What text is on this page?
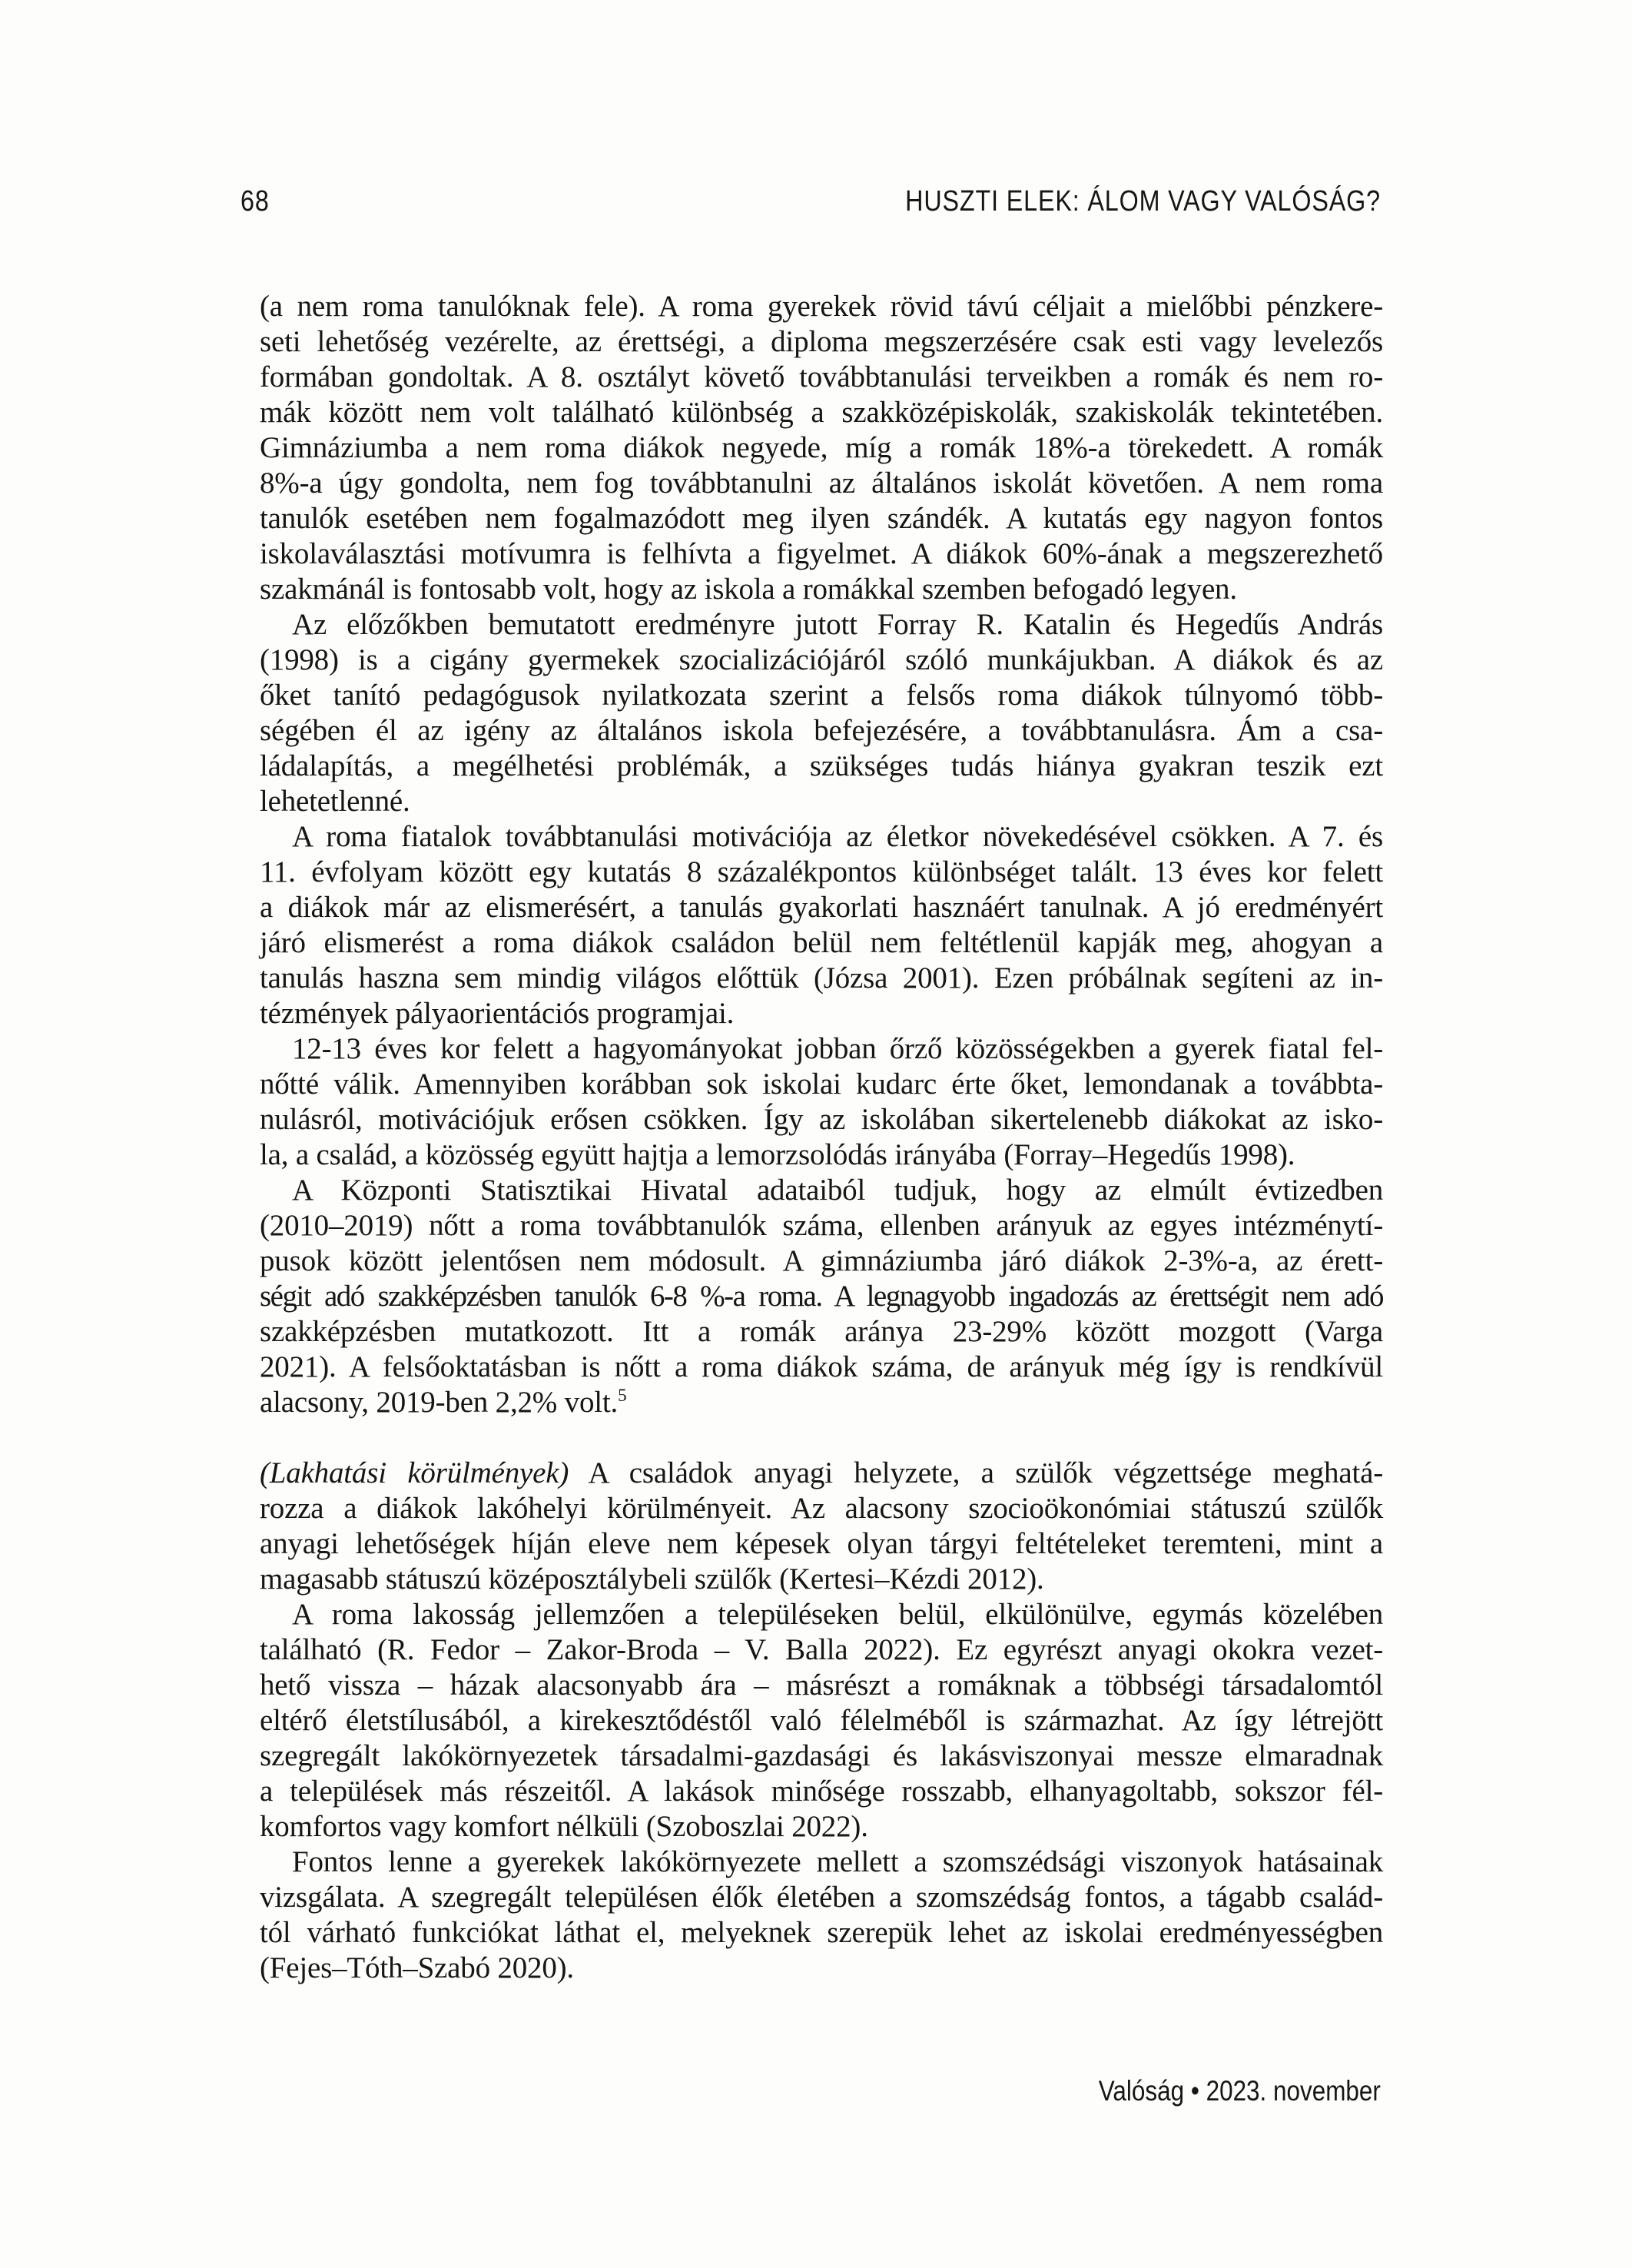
68	HUSZTI ELEK: ÁLOM VAGY VALÓSÁG?
(a nem roma tanulóknak fele). A roma gyerekek rövid távú céljait a mielőbbi pénzkere-
seti lehetőség vezérelte, az érettségi, a diploma megszerzésére csak esti vagy levelezős
formában gondoltak. A 8. osztályt követő továbbtanulási terveikben a romák és nem ro-
mák között nem volt található különbség a szakközépiskolák, szakiskolák tekintetében.
Gimnáziumba a nem roma diákok negyede, míg a romák 18%-a törekedett. A romák
8%-a úgy gondolta, nem fog továbbtanulni az általános iskolát követően. A nem roma
tanulók esetében nem fogalmazódott meg ilyen szándék. A kutatás egy nagyon fontos
iskolaválasztási motívumra is felhívta a figyelmet. A diákok 60%-ának a megszerezhető
szakmánál is fontosabb volt, hogy az iskola a romákkal szemben befogadó legyen.
Az előzőkben bemutatott eredményre jutott Forray R. Katalin és Hegedűs András
(1998) is a cigány gyermekek szocializációjáról szóló munkájukban. A diákok és az
őket tanító pedagógusok nyilatkozata szerint a felsős roma diákok túlnyomó több-
ségében él az igény az általános iskola befejezésére, a továbbtanulásra. Ám a csa-
ládalapítás, a megélhetési problémák, a szükséges tudás hiánya gyakran teszik ezt
lehetetlenné.
A roma fiatalok továbbtanulási motivációja az életkor növekedésével csökken. A 7. és
11. évfolyam között egy kutatás 8 százalékpontos különbséget talált. 13 éves kor felett
a diákok már az elismerésért, a tanulás gyakorlati hasznáért tanulnak. A jó eredményért
járó elismerést a roma diákok családon belül nem feltétlenül kapják meg, ahogyan a
tanulás haszna sem mindig világos előttük (Józsa 2001). Ezen próbálnak segíteni az in-
tézmények pályaorientációs programjai.
12-13 éves kor felett a hagyományokat jobban őrző közösségekben a gyerek fiatal fel-
nőtté válik. Amennyiben korábban sok iskolai kudarc érte őket, lemondanak a továbbta-
nulásról, motivációjuk erősen csökken. Így az iskolában sikertelenebb diákokat az isko-
la, a család, a közösség együtt hajtja a lemorzsolódás irányába (Forray–Hegedűs 1998).
A Központi Statisztikai Hivatal adataiból tudjuk, hogy az elmúlt évtizedben
(2010–2019) nőtt a roma továbbtanulók száma, ellenben arányuk az egyes intézménytí-
pusok között jelentősen nem módosult. A gimnáziumba járó diákok 2-3%-a, az érett-
ségit adó szakképzésben tanulók 6-8 %-a roma. A legnagyobb ingadozás az érettségit nem adó
szakképzésben mutatkozott. Itt a romák aránya 23-29% között mozgott (Varga
2021). A felsőoktatásban is nőtt a roma diákok száma, de arányuk még így is rendkívül
alacsony, 2019-ben 2,2% volt.$^5$
(Lakhatási körülmények) A családok anyagi helyzete, a szülők végzettsége meghatá-
rozza a diákok lakóhelyi körülményeit. Az alacsony szocioökonómiai státuszú szülők
anyagi lehetőségek híján eleve nem képesek olyan tárgyi feltételeket teremteni, mint a
magasabb státuszú középosztálybeli szülők (Kertesi–Kézdi 2012).
A roma lakosság jellemzően a településeken belül, elkülönülve, egymás közelében
található (R. Fedor – Zakor-Broda – V. Balla 2022). Ez egyrészt anyagi okokra vezet-
hető vissza – házak alacsonyabb ára – másrészt a romáknak a többségi társadalomtól
eltérő életstílusából, a kirekesztődéstől való félelméből is származhat. Az így létrejött
szegregált lakókörnyezetek társadalmi-gazdasági és lakásviszonyai messze elmaradnak
a települések más részeitől. A lakások minősége rosszabb, elhanyagoltabb, sokszor fél-
komfortos vagy komfort nélküli (Szoboszlai 2022).
Fontos lenne a gyerekek lakókörnyezete mellett a szomszédsági viszonyok hatásainak
vizsgálata. A szegregált településen élők életében a szomszédság fontos, a tágabb család-
tól várható funkciókat láthat el, melyeknek szerepük lehet az iskolai eredményességben
(Fejes–Tóth–Szabó 2020).
Valóság • 2023. november
